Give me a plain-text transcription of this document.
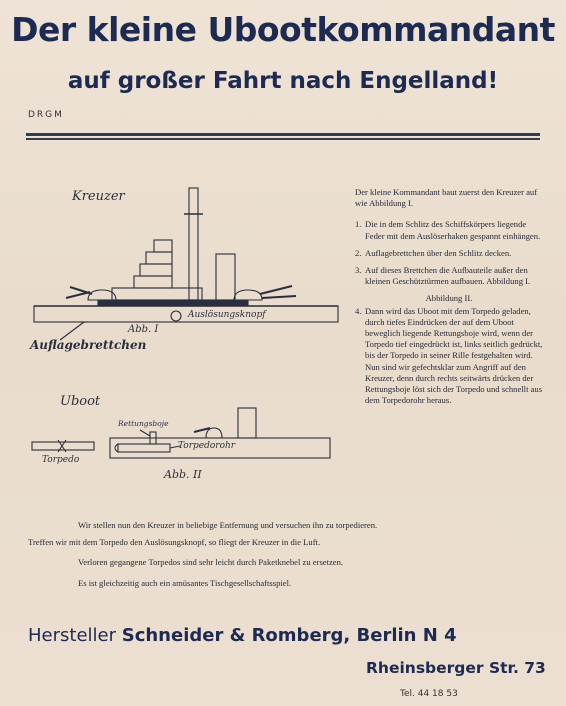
Der kleine Ubootkommandant
auf großer Fahrt nach Engelland!
DRGM
Kreuzer
Auslösungsknopf
Abb. I
Auflagebrettchen
Uboot
Rettungsboje
Torpedorohr
Torpedo
Abb. II

Der kleine Kommandant baut zuerst den Kreuzer auf wie Abbildung I.

1. Die in dem Schlitz des Schiffskörpers liegende Feder mit dem Auslöserhaken gespannt einhängen.
2. Auflagebrettchen über den Schlitz decken.
3. Auf dieses Brettchen die Aufbauteile außer den kleinen Geschütztürmen aufbauen. Abbildung I.
Abbildung II.
4. Dann wird das Uboot mit dem Torpedo geladen, durch tiefes Eindrücken der auf dem Uboot beweglich liegende Rettungsboje wird, wenn der Torpedo tief eingedrückt ist, links seitlich gedrückt, bis der Torpedo in seiner Rille festgehalten wird. Nun sind wir gefechtsklar zum Angriff auf den Kreuzer, denn durch rechts seitwärts drücken der Rettungsboje löst sich der Torpedo und schnellt aus dem Torpedorohr heraus.
Wir stellen nun den Kreuzer in beliebige Entfernung und versuchen ihn zu torpedieren.
Treffen wir mit dem Torpedo den Auslösungsknopf, so fliegt der Kreuzer in die Luft.
Verloren gegangene Torpedos sind sehr leicht durch Paketknebel zu ersetzen.
Es ist gleichzeitig auch ein amüsantes Tischgesellschaftsspiel.
Hersteller Schneider & Romberg, Berlin N 4
Rheinsberger Str. 73
Tel. 44 18 53
